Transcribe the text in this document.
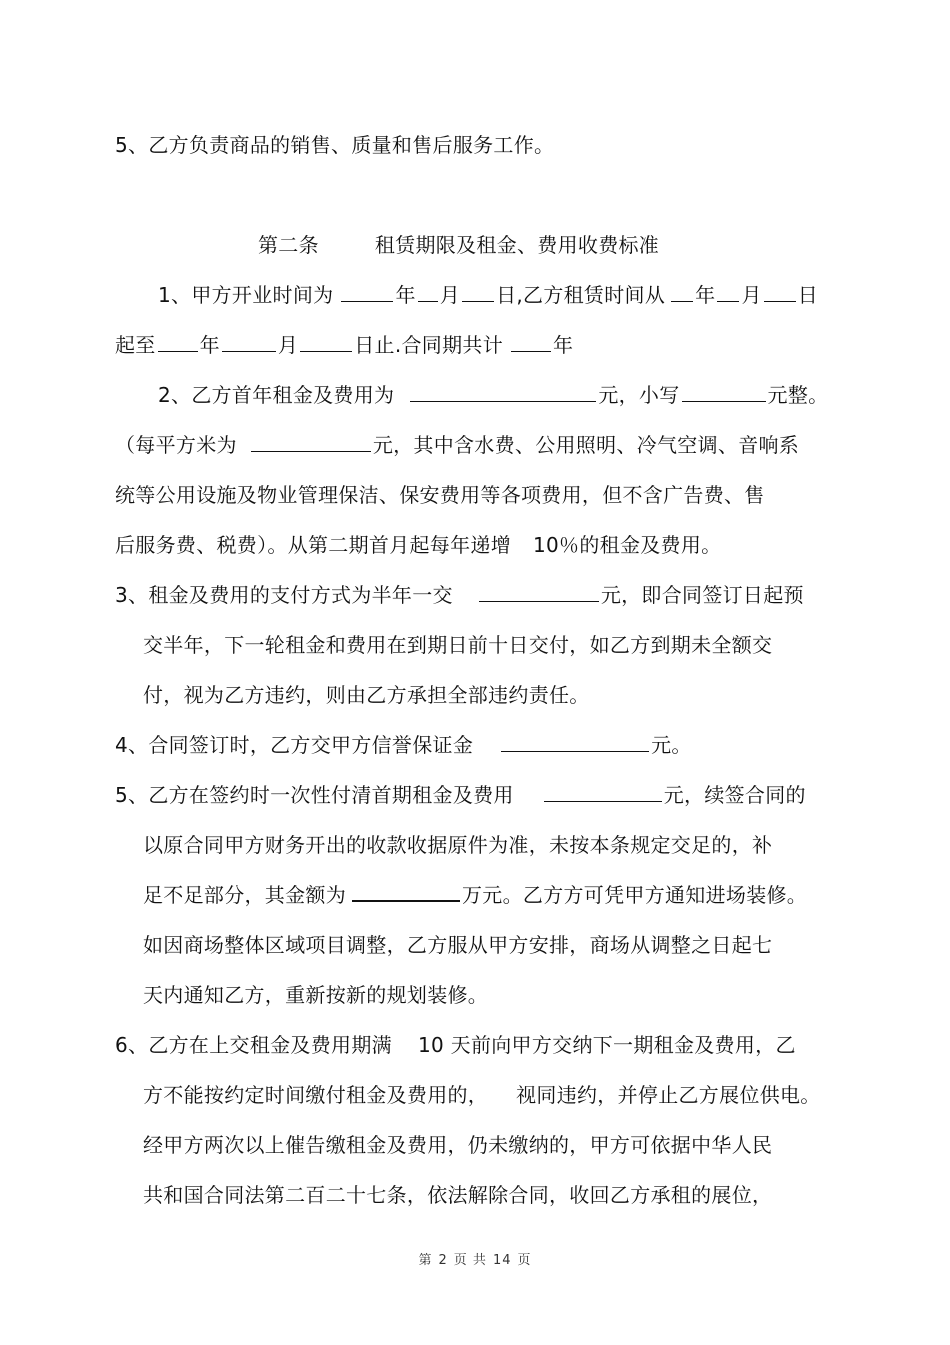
5、乙方负责商品的销售、质量和售后服务工作。
第二条	租赁期限及租金、费用收费标准
1、甲方开业时间为	年 月 日,乙方租赁时间从 年 月 日
起至 年	月	日止.合同期共计	年
2、乙方首年租金及费用为	元，小写	元整。
（每平方米为	元，其中含水费、公用照明、冷气空调、音响系
统等公用设施及物业管理保洁、保安费用等各项费用，但不含广告费、售
后服务费、税费）。从第二期首月起每年递增 10％的租金及费用。
3、租金及费用的支付方式为半年一交	元，即合同签订日起预
交半年，下一轮租金和费用在到期日前十日交付，如乙方到期未全额交
付，视为乙方违约，则由乙方承担全部违约责任。
4、合同签订时，乙方交甲方信誉保证金	元。
5、乙方在签约时一次性付清首期租金及费用	元，续签合同的
以原合同甲方财务开出的收款收据原件为准，未按本条规定交足的，补
足不足部分，其金额为	万元。乙方方可凭甲方通知进场装修。
如因商场整体区域项目调整，乙方服从甲方安排，商场从调整之日起七
天内通知乙方，重新按新的规划装修。
6、乙方在上交租金及费用期满 10 天前向甲方交纳下一期租金及费用，乙
方不能按约定时间缴付租金及费用的， 视同违约，并停止乙方展位供电。
经甲方两次以上催告缴租金及费用，仍未缴纳的，甲方可依据中华人民
共和国合同法第二百二十七条，依法解除合同，收回乙方承租的展位，
第 2 页 共 14 页
